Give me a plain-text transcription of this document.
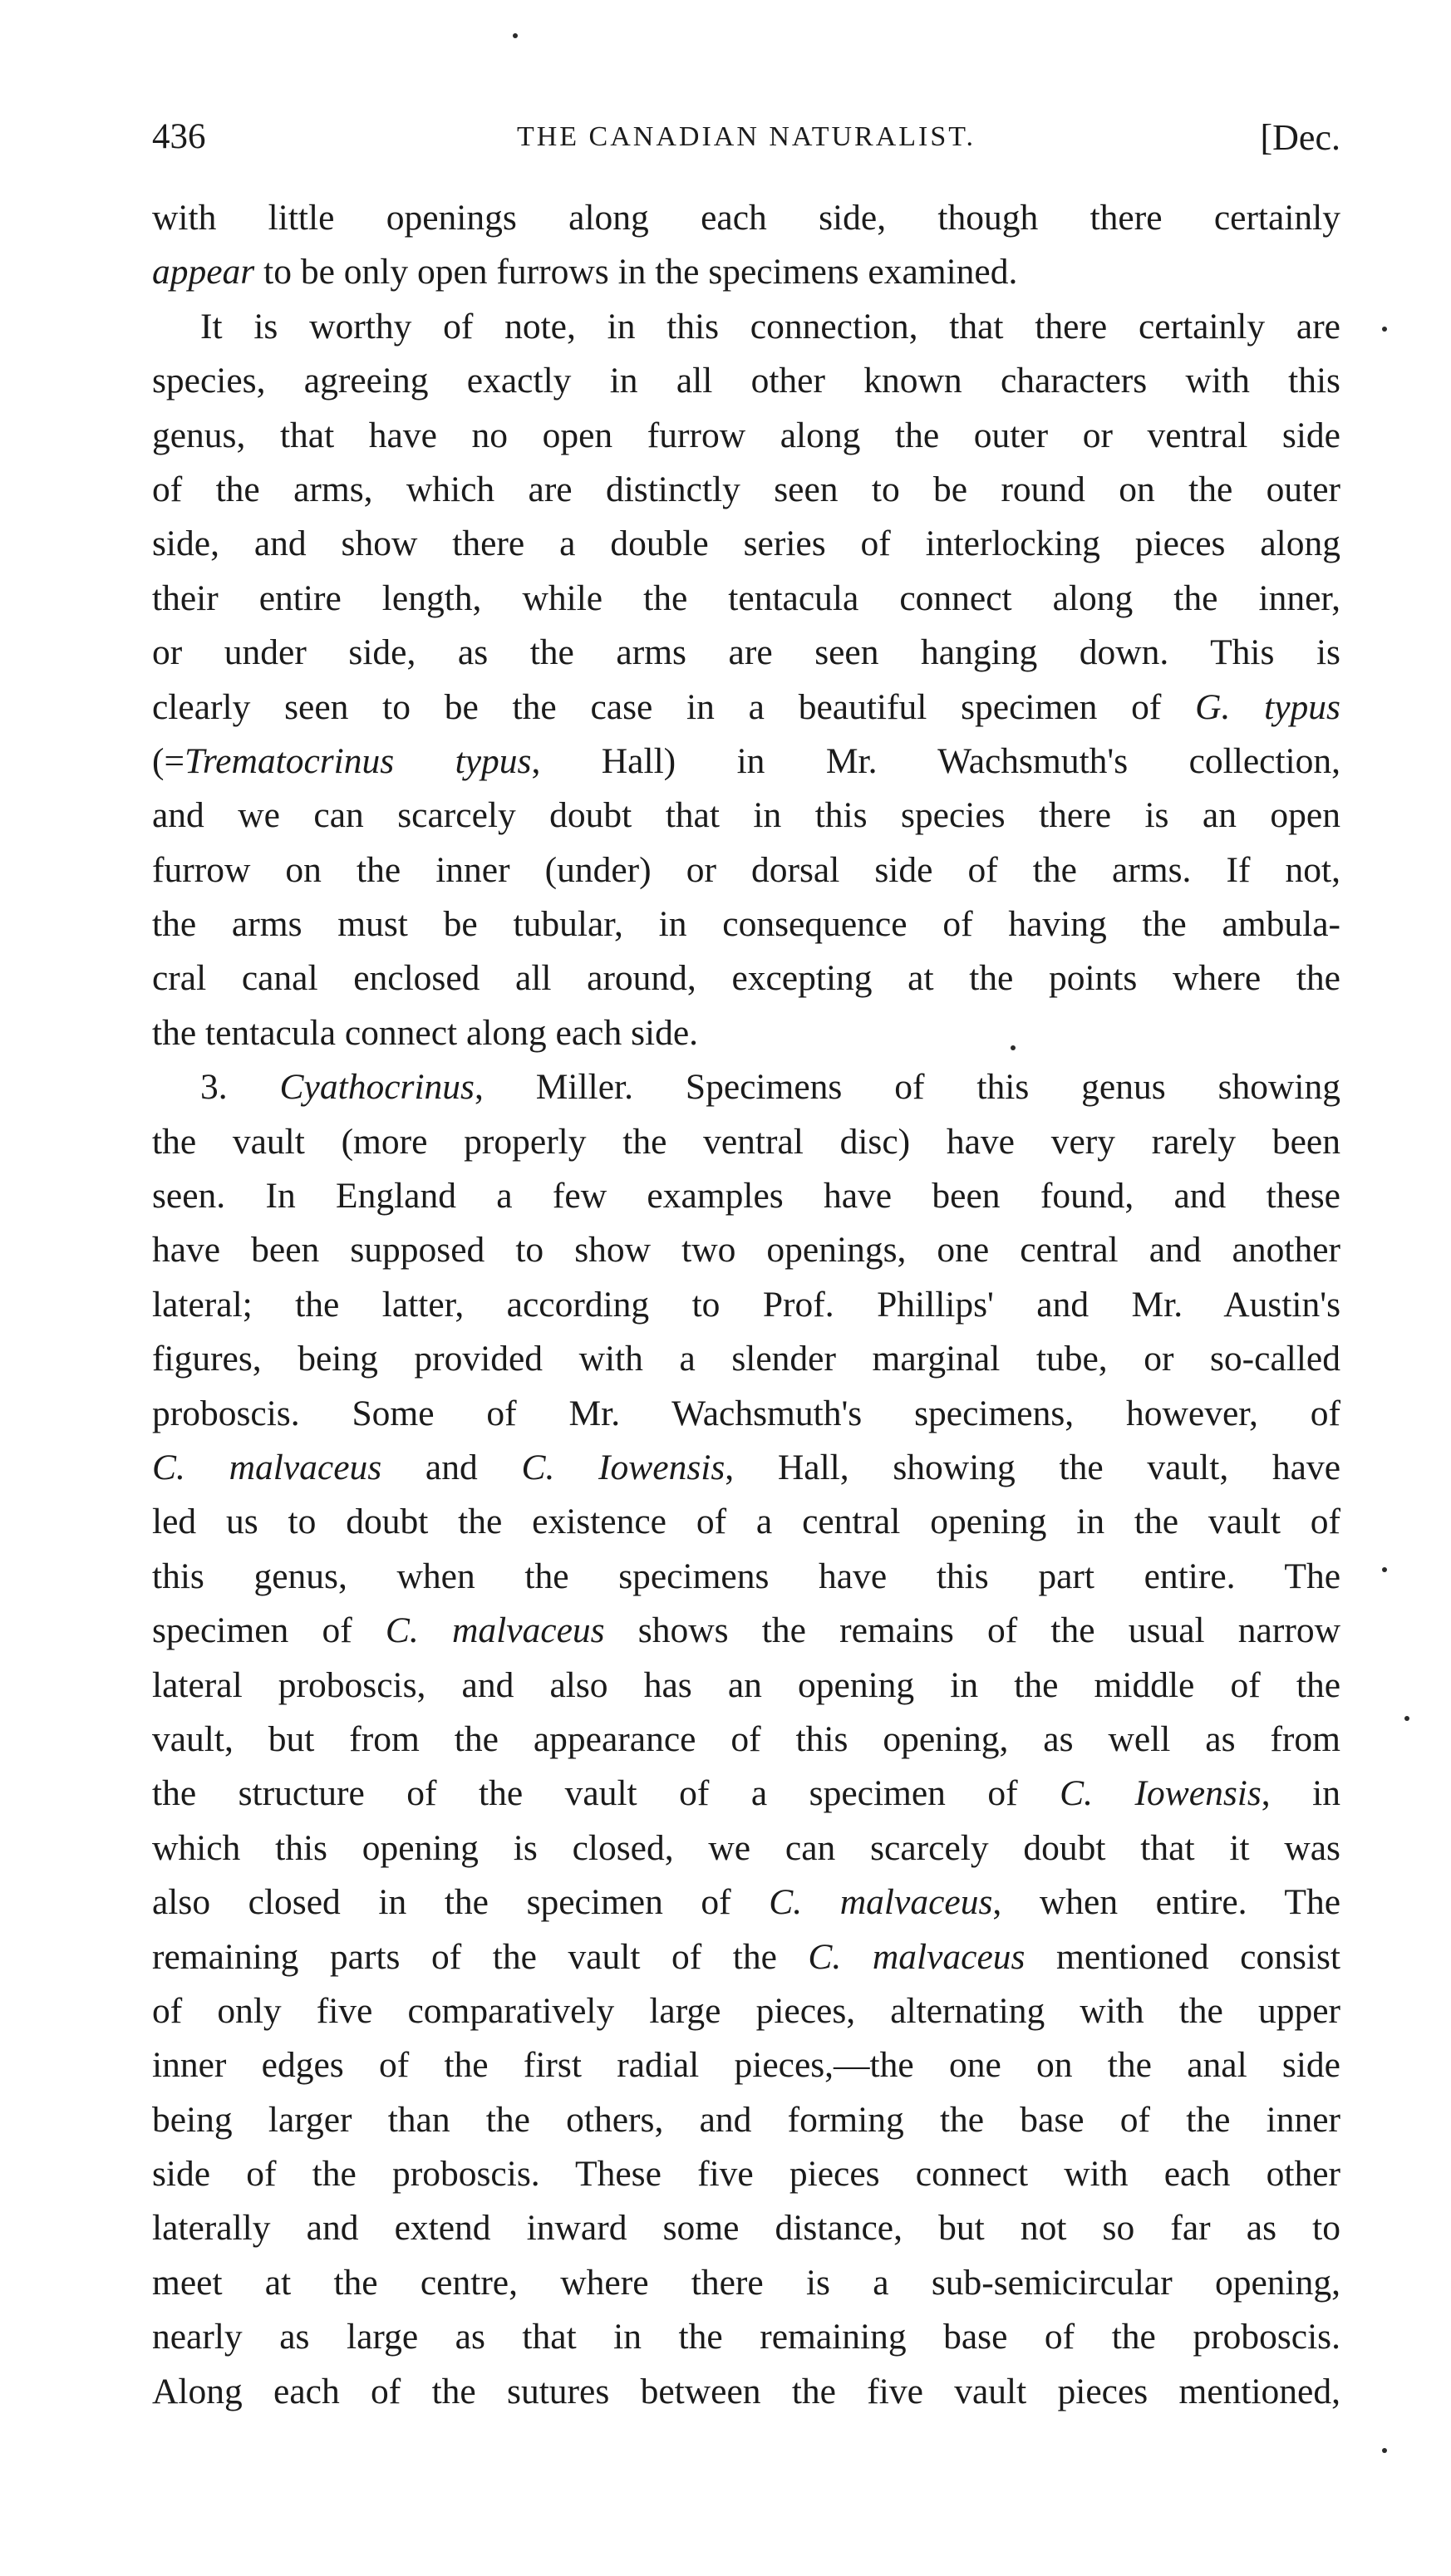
436	THE CANADIAN NATURALIST.	[Dec.
with little openings along each side, though there certainly
appear to be only open furrows in the specimens examined.
It is worthy of note, in this connection, that there certainly are
species, agreeing exactly in all other known characters with this
genus, that have no open furrow along the outer or ventral side
of the arms, which are distinctly seen to be round on the outer
side, and show there a double series of interlocking pieces along
their entire length, while the tentacula connect along the inner,
or under side, as the arms are seen hanging down. This is
clearly seen to be the case in a beautiful specimen of G. typus
(=Trematocrinus typus, Hall) in Mr. Wachsmuth's collection,
and we can scarcely doubt that in this species there is an open
furrow on the inner (under) or dorsal side of the arms. If not,
the arms must be tubular, in consequence of having the ambula-
cral canal enclosed all around, excepting at the points where the
the tentacula connect along each side.
3. Cyathocrinus, Miller. Specimens of this genus showing
the vault (more properly the ventral disc) have very rarely been
seen. In England a few examples have been found, and these
have been supposed to show two openings, one central and another
lateral; the latter, according to Prof. Phillips' and Mr. Austin's
figures, being provided with a slender marginal tube, or so-called
proboscis. Some of Mr. Wachsmuth's specimens, however, of
C. malvaceus and C. Iowensis, Hall, showing the vault, have
led us to doubt the existence of a central opening in the vault of
this genus, when the specimens have this part entire. The
specimen of C. malvaceus shows the remains of the usual narrow
lateral proboscis, and also has an opening in the middle of the
vault, but from the appearance of this opening, as well as from
the structure of the vault of a specimen of C. Iowensis, in
which this opening is closed, we can scarcely doubt that it was
also closed in the specimen of C. malvaceus, when entire. The
remaining parts of the vault of the C. malvaceus mentioned consist
of only five comparatively large pieces, alternating with the upper
inner edges of the first radial pieces,—the one on the anal side
being larger than the others, and forming the base of the inner
side of the proboscis. These five pieces connect with each other
laterally and extend inward some distance, but not so far as to
meet at the centre, where there is a sub-semicircular opening,
nearly as large as that in the remaining base of the proboscis.
Along each of the sutures between the five vault pieces mentioned,
